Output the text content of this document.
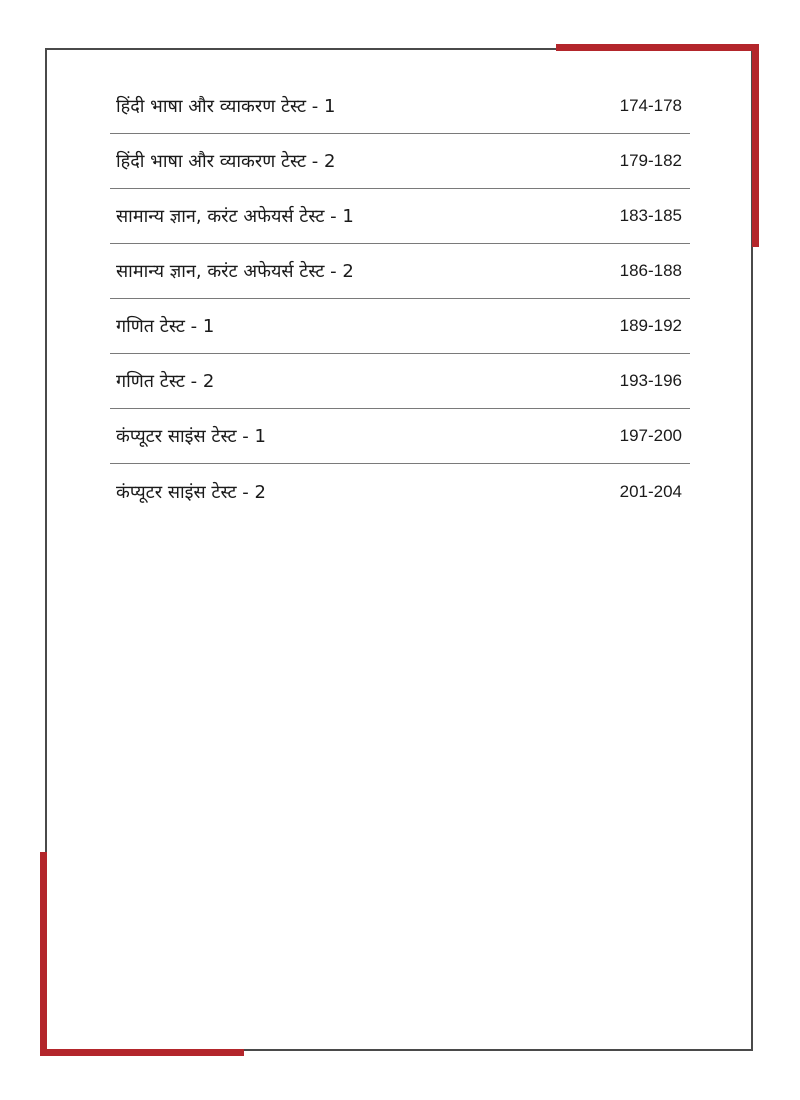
हिंदी भाषा और व्याकरण टेस्ट - 1	174-178
हिंदी भाषा और व्याकरण टेस्ट - 2	179-182
सामान्य ज्ञान, करंट अफेयर्स टेस्ट - 1	183-185
सामान्य ज्ञान, करंट अफेयर्स टेस्ट - 2	186-188
गणित टेस्ट - 1	189-192
गणित टेस्ट - 2	193-196
कंप्यूटर साइंस टेस्ट - 1	197-200
कंप्यूटर साइंस टेस्ट - 2	201-204
